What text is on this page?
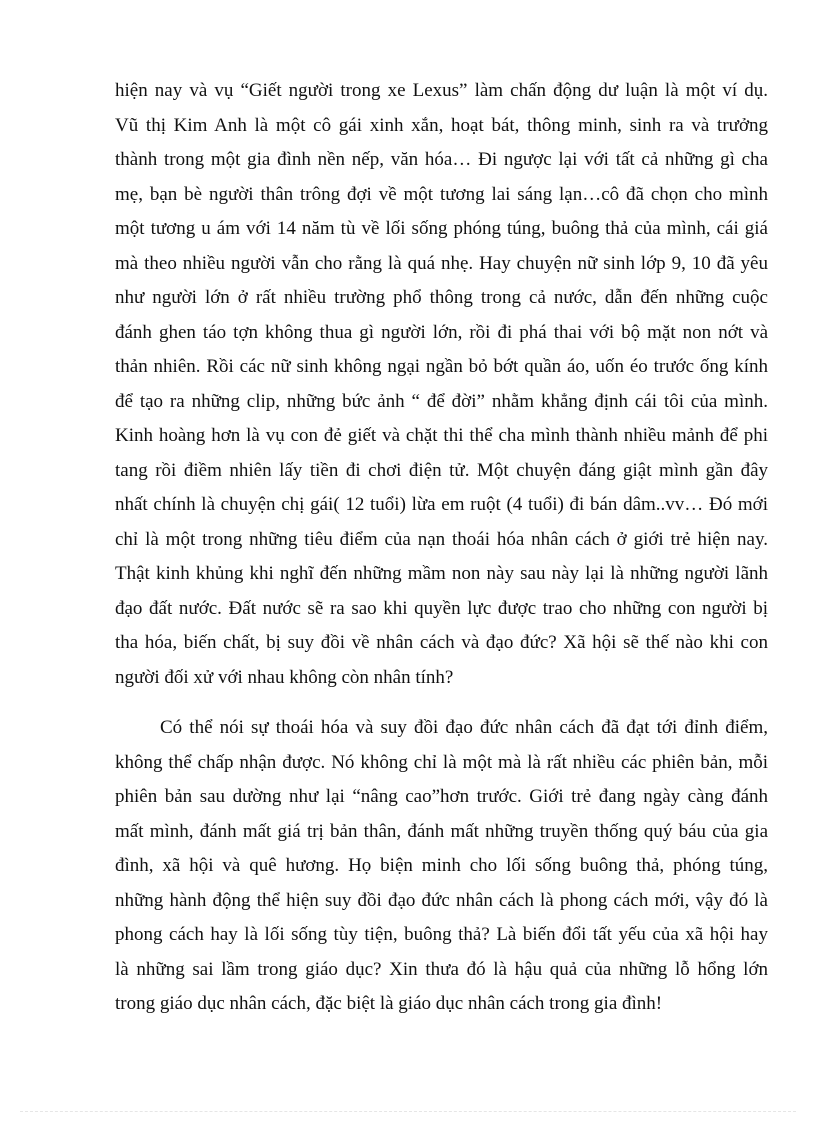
hiện nay và vụ “Giết người trong xe Lexus” làm chấn động dư luận là một ví dụ.
Vũ thị Kim Anh là một cô gái xinh xắn, hoạt bát, thông minh, sinh ra và trưởng
thành trong một gia đình nền nếp, văn hóa… Đi ngược lại với tất cả những gì cha
mẹ, bạn bè người thân trông đợi về một tương lai sáng lạn…cô đã chọn cho mình
một tương u ám với 14 năm tù về lối sống phóng túng, buông thả của mình, cái giá
mà theo nhiều người vẫn cho rằng là quá nhẹ. Hay chuyện nữ sinh lớp 9, 10 đã yêu
như người lớn ở rất nhiều trường phổ thông trong cả nước, dẫn đến những cuộc
đánh ghen táo tợn không thua gì người lớn, rồi đi phá thai với bộ mặt non nớt và
thản nhiên. Rồi các nữ sinh không ngại ngần bỏ bớt quần áo, uốn éo trước ống kính
để tạo ra những clip, những bức ảnh “ để đời” nhằm khẳng định cái tôi của mình.
Kinh hoàng hơn là vụ con đẻ giết và chặt thi thể cha mình thành nhiều mảnh để phi
tang rồi điềm nhiên lấy tiền đi chơi điện tử. Một chuyện đáng giật mình gần đây
nhất chính là chuyện chị gái( 12 tuổi) lừa em ruột (4 tuổi) đi bán dâm..vv… Đó mới
chỉ là một trong những tiêu điểm của nạn thoái hóa nhân cách ở giới trẻ hiện nay.
Thật kinh khủng khi nghĩ đến những mầm non này sau này lại là những người lãnh
đạo đất nước. Đất nước sẽ ra sao khi quyền lực được trao cho những con người bị
tha hóa, biến chất, bị suy đồi về nhân cách và đạo đức? Xã hội sẽ thế nào khi con
người đối xử với nhau không còn nhân tính?
Có thể nói sự thoái hóa và suy đồi đạo đức nhân cách đã đạt tới đỉnh điểm,
không thể chấp nhận được. Nó không chỉ là một mà là rất nhiều các phiên bản, mỗi
phiên bản sau dường như lại “nâng cao”hơn trước. Giới trẻ đang ngày càng đánh
mất mình, đánh mất giá trị bản thân, đánh mất những truyền thống quý báu của gia
đình, xã hội và quê hương. Họ biện minh cho lối sống buông thả, phóng túng,
những hành động thể hiện suy đồi đạo đức nhân cách là phong cách mới, vậy đó là
phong cách hay là lối sống tùy tiện, buông thả? Là biến đổi tất yếu của xã hội hay
là những sai lầm trong giáo dục? Xin thưa đó là hậu quả của những lỗ hổng lớn
trong giáo dục nhân cách, đặc biệt là giáo dục nhân cách trong gia đình!
